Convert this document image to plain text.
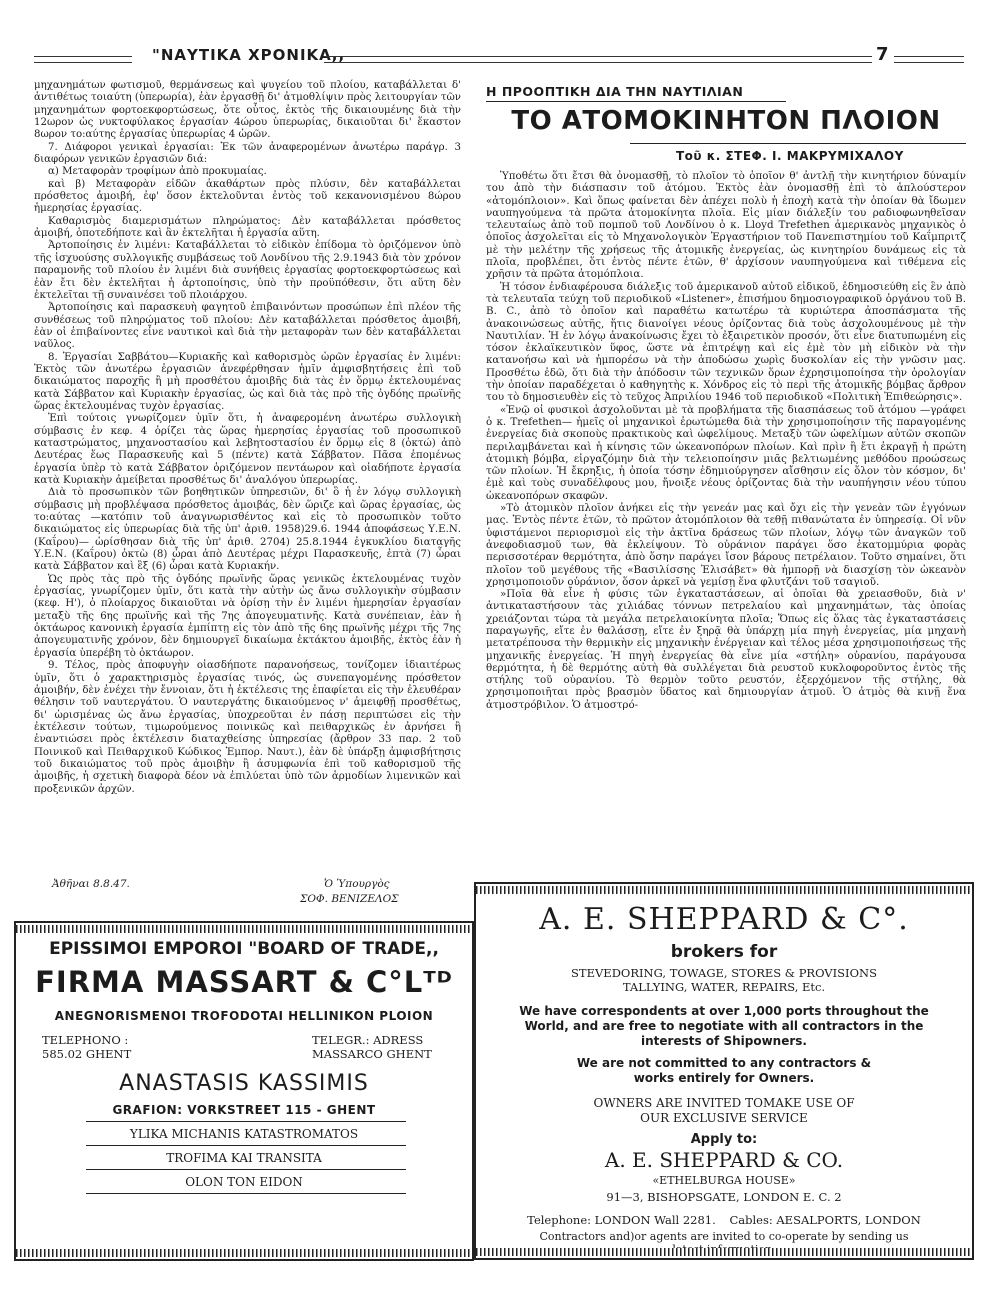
"ΝΑΥΤΙΚΑ ΧΡΟΝΙΚΑ,,	7

μηχανημάτων φωτισμοῦ, θερμάνσεως καὶ ψυγείου τοῦ πλοίου, καταβάλλεται δ' ἀντιθέτως τοιαύτη (ὑπερωρία), ἐὰν ἐργασθῇ δι' ἀτμοθλίψιν πρὸς λειτουργίαν τῶν μηχανημάτων φορτοεκφορτώσεως, ὅτε οὗτος, ἐκτὸς τῆς δικαιουμένης διὰ τὴν 12ωρον ὡς νυκτοφύλακος ἐργασίαν 4ώρου ὑπερωρίας, δικαιοῦται δι' ἕκαστον 8ωρον το:αύτης ἐργασίας ὑπερωρίας 4 ὡρῶν.

7. Διάφοροι γενικαὶ ἐργασίαι: Ἐκ τῶν ἀναφερομένων ἀνωτέρω παράγρ. 3 διαφόρων γενικῶν ἐργασιῶν διά:

α) Μεταφορὰν τροφίμων ἀπὸ προκυμαίας.

καὶ β) Μεταφορὰν εἰδῶν ἀκαθάρτων πρὸς πλύσιν, δὲν καταβάλλεται πρόσθετος ἀμοιβή, ἐφ' ὅσον ἐκτελοῦνται ἐντὸς τοῦ κεκανονισμένου 8ώρου ἡμερησίας ἐργασίας.

Καθαρισμὸς διαμερισμάτων πληρώματος: Δὲν καταβάλλεται πρόσθετος ἀμοιβή, ὁποτεδήποτε καὶ ἂν ἐκτελῆται ἡ ἐργασία αὕτη.

Ἀρτοποίησις ἐν λιμένι: Καταβάλλεται τὸ εἰδικὸν ἐπίδομα τὸ ὁριζόμενον ὑπὸ τῆς ἰσχυούσης συλλογικῆς συμβάσεως τοῦ Λονδίνου τῆς 2.9.1943 διὰ τὸν χρόνον παραμονῆς τοῦ πλοίου ἐν λιμένι διὰ συνήθεις ἐργασίας φορτοεκφορτώσεως καὶ ἐὰν ἔτι δὲν ἐκτελῆται ἡ ἀρτοποίησις, ὑπὸ τὴν προϋπόθεσιν, ὅτι αὕτη δὲν ἐκτελεῖται τῇ συναινέσει τοῦ πλοιάρχου.

Ἀρτοποίησις καὶ παρασκευὴ φαγητοῦ ἐπιβαινόντων προσώπων ἐπὶ πλέον τῆς συνθέσεως τοῦ πληρώματος τοῦ πλοίου: Δὲν καταβάλλεται πρόσθετος ἀμοιβή, ἐὰν οἱ ἐπιβαίνοντες εἶνε ναυτικοὶ καὶ διὰ τὴν μεταφορὰν των δὲν καταβάλλεται ναῦλος.

8. Ἐργασίαι Σαββάτου—Κυριακῆς καὶ καθορισμὸς ὡρῶν ἐργασίας ἐν λιμένι: Ἐκτὸς τῶν ἀνωτέρω ἐργασιῶν ἀνεφέρθησαν ἡμῖν ἀμφισβητήσεις ἐπὶ τοῦ δικαιώματος παροχῆς ἢ μὴ προσθέτου ἀμοιβῆς διὰ τὰς ἐν ὅρμῳ ἐκτελουμένας κατὰ Σάββατον καὶ Κυριακὴν ἐργασίας, ὡς καὶ διὰ τὰς πρὸ τῆς ὀγδόης πρωϊνῆς ὥρας ἐκτελουμένας τυχὸν ἐργασίας.

Ἐπὶ τούτοις γνωρίζομεν ὑμῖν ὅτι, ἡ ἀναφερομένη ἀνωτέρω συλλογικὴ σύμβασις ἐν κεφ. 4 ὁρίζει τὰς ὥρας ἡμερησίας ἐργασίας τοῦ προσωπικοῦ καταστρώματος, μηχανοστασίου καὶ λεβητοστασίου ἐν ὅρμῳ εἰς 8 (ὀκτώ) ἀπὸ Δευτέρας ἕως Παρασκευῆς καὶ 5 (πέντε) κατὰ Σάββατον. Πᾶσα ἑπομένως ἐργασία ὑπὲρ τὸ κατὰ Σάββατον ὁριζόμενον πεντάωρον καὶ οἱαδήποτε ἐργασία κατὰ Κυριακὴν ἀμείβεται προσθέτως δι' ἀναλόγου ὑπερωρίας.

Διὰ τὸ προσωπικὸν τῶν βοηθητικῶν ὑπηρεσιῶν, δι' ὃ ἡ ἐν λόγῳ συλλογικὴ σύμβασις μὴ προβλέψασα πρόσθετος ἀμοιβάς, δὲν ὥριζε καὶ ὥρας ἐργασίας, ὡς το:αύτας —κατόπιν τοῦ ἀναγνωρισθέντος καὶ εἰς τὸ προσωπικὸν τοῦτο δικαιώματος εἰς ὑπερωρίας διὰ τῆς ὑπ' ἀριθ. 1958)29.6. 1944 ἀποφάσεως Υ.Ε.Ν. (Καΐρου)— ὡρίσθησαν διὰ τῆς ὑπ' ἀριθ. 2704) 25.8.1944 ἐγκυκλίου διαταγῆς Υ.Ε.Ν. (Καΐρου) ὀκτὼ (8) ὧραι ἀπὸ Δευτέρας μέχρι Παρασκευῆς, ἑπτὰ (7) ὧραι κατὰ Σάββατον καὶ ἓξ (6) ὧραι κατὰ Κυριακήν.

Ὡς πρὸς τὰς πρὸ τῆς ὀγδόης πρωϊνῆς ὥρας γενικῶς ἐκτελουμένας τυχὸν ἐργασίας, γνωρίζομεν ὑμῖν, ὅτι κατὰ τὴν αὐτὴν ὡς ἄνω συλλογικὴν σύμβασιν (κεφ. Η'), ὁ πλοίαρχος δικαιοῦται νὰ ὁρίσῃ τὴν ἐν λιμένι ἡμερησίαν ἐργασίαν μεταξὺ τῆς 6ης πρωϊνῆς καὶ τῆς 7ης ἀπογευματινῆς. Κατὰ συνέπειαν, ἐὰν ἡ ὀκτάωρος κανονικὴ ἐργασία ἐμπίπτῃ εἰς τὸν ἀπὸ τῆς 6ης πρωϊνῆς μέχρι τῆς 7ης ἀπογευματινῆς χρόνον, δὲν δημιουργεῖ δικαίωμα ἐκτάκτου ἀμοιβῆς, ἐκτὸς ἐὰν ἡ ἐργασία ὑπερέβη τὸ ὀκτάωρον.

9. Τέλος, πρὸς ἀποφυγὴν οἱασδήποτε παρανοήσεως, τονίζομεν ἰδιαιτέρως ὑμῖν, ὅτι ὁ χαρακτηρισμὸς ἐργασίας τινός, ὡς συνεπαγομένης πρόσθετον ἀμοιβήν, δὲν ἐνέχει τὴν ἔννοιαν, ὅτι ἡ ἐκτέλεσις της ἐπαφίεται εἰς τὴν ἐλευθέραν θέλησιν τοῦ ναυτεργάτου. Ὁ ναυτεργάτης δικαιούμενος ν' ἀμειφθῇ προσθέτως, δι' ὡρισμένας ὡς ἄνω ἐργασίας, ὑποχρεοῦται ἐν πάσῃ περιπτώσει εἰς τὴν ἐκτέλεσιν τούτων, τιμωρούμενος ποινικῶς καὶ πειθαρχικῶς ἐν ἀρνήσει ἢ ἐναντιώσει πρὸς ἐκτέλεσιν διαταχθείσης ὑπηρεσίας (ἄρθρον 33 παρ. 2 τοῦ Ποινικοῦ καὶ Πειθαρχικοῦ Κώδικος Ἐμπορ. Ναυτ.), ἐὰν δὲ ὑπάρξῃ ἀμφισβήτησις τοῦ δικαιώματος τοῦ πρὸς ἀμοιβὴν ἢ ἀσυμφωνία ἐπὶ τοῦ καθορισμοῦ τῆς ἀμοιβῆς, ἡ σχετικὴ διαφορὰ δέον νὰ ἐπιλύεται ὑπὸ τῶν ἁρμοδίων λιμενικῶν καὶ προξενικῶν ἀρχῶν.

Ἀθῆναι 8.8.47.	Ὁ Ὑπουργὸς
ΣΟΦ. ΒΕΝΙΖΕΛΟΣ
Η ΠΡΟΟΠΤΙΚΗ ΔΙΑ ΤΗΝ ΝΑΥΤΙΛΙΑΝ
ΤΟ ΑΤΟΜΟΚΙΝΗΤΟΝ ΠΛΟΙΟΝ
Τοῦ κ. ΣΤΕΦ. Ι. ΜΑΚΡΥΜΙΧΑΛΟΥ

Ὑποθέτω ὅτι ἔτσι θὰ ὀνομασθῇ, τὸ πλοῖον τὸ ὁποῖον θ' ἀντλῇ τὴν κινητήριον δύναμίν του ἀπὸ τὴν διάσπασιν τοῦ ἀτόμου. Ἐκτὸς ἐὰν ὀνομασθῇ ἐπὶ τὸ ἁπλούστερον «ἀτομόπλοιον». Καὶ ὅπως φαίνεται δὲν ἀπέχει πολὺ ἡ ἐποχὴ κατὰ τὴν ὁποίαν θὰ ἴδωμεν ναυπηγούμενα τὰ πρῶτα ἀτομοκίνητα πλοῖα. Εἰς μίαν διάλεξίν του ραδιοφωνηθεῖσαν τελευταίως ἀπὸ τοῦ πομποῦ τοῦ Λονδίνου ὁ κ. Lloyd Trefethen ἀμερικανὸς μηχανικὸς ὁ ὁποῖος ἀσχολεῖται εἰς τὸ Μηχανολογικὸν Ἐργαστήριον τοῦ Πανεπιστημίου τοῦ Καΐμπριτζ μὲ τὴν μελέτην τῆς χρήσεως τῆς ἀτομικῆς ἐνεργείας, ὡς κινητηρίου δυνάμεως εἰς τὰ πλοῖα, προβλέπει, ὅτι ἐντὸς πέντε ἐτῶν, θ' ἀρχίσουν ναυπηγούμενα καὶ τιθέμενα εἰς χρῆσιν τὰ πρῶτα ἀτομόπλοια.

Ἡ τόσον ἐνδιαφέρουσα διάλεξις τοῦ ἀμερικανοῦ αὐτοῦ εἰδικοῦ, ἐδημοσιεύθη εἰς ἓν ἀπὸ τὰ τελευταῖα τεύχη τοῦ περιοδικοῦ «Listener», ἐπισήμου δημοσιογραφικοῦ ὀργάνου τοῦ B. B. C., ἀπὸ τὸ ὁποῖον καὶ παραθέτω κατωτέρω τὰ κυριώτερα ἀποσπάσματα τῆς ἀνακοινώσεως αὐτῆς, ἥτις διανοίγει νέους ὁρίζοντας διὰ τοὺς ἀσχολουμένους μὲ τὴν Ναυτιλίαν. Ἡ ἐν λόγῳ ἀνακοίνωσις ἔχει τὸ ἐξαιρετικὸν προσόν, ὅτι εἶνε διατυπωμένη εἰς τόσον ἐκλαϊκευτικὸν ὕφος, ὥστε νὰ ἐπιτρέψῃ καὶ εἰς ἐμὲ τὸν μὴ εἰδικὸν νὰ τὴν κατανοήσω καὶ νὰ ἠμπορέσω νὰ τὴν ἀποδώσω χωρὶς δυσκολίαν εἰς τὴν γνῶσιν μας. Προσθέτω ἐδῶ, ὅτι διὰ τὴν ἀπόδοσιν τῶν τεχνικῶν ὅρων ἐχρησιμοποίησα τὴν ὁρολογίαν τὴν ὁποίαν παραδέχεται ὁ καθηγητὴς κ. Χόνδρος εἰς τὸ περὶ τῆς ἀτομικῆς βόμβας ἄρθρον του τὸ δημοσιευθὲν εἰς τὸ τεῦχος Ἀπριλίου 1946 τοῦ περιοδικοῦ «Πολιτικὴ Ἐπιθεώρησις».

«Ἐνῷ οἱ φυσικοὶ ἀσχολοῦνται μὲ τὰ προβλήματα τῆς διασπάσεως τοῦ ἀτόμου —γράφει ὁ κ. Trefethen— ἡμεῖς οἱ μηχανικοὶ ἐρωτώμεθα διὰ τὴν χρησιμοποίησιν τῆς παραγομένης ἐνεργείας διὰ σκοποὺς πρακτικοὺς καὶ ὠφελίμους. Μεταξὺ τῶν ὠφελίμων αὐτῶν σκοπῶν περιλαμβάνεται καὶ ἡ κίνησις τῶν ὠκεανοπόρων πλοίων. Καὶ πρὶν ἢ ἔτι ἐκραγῇ ἡ πρώτη ἀτομικὴ βόμβα, εἰργαζόμην διὰ τὴν τελειοποίησιν μιᾶς βελτιωμένης μεθόδου προώσεως τῶν πλοίων. Ἡ ἔκρηξις, ἡ ὁποία τόσην ἐδημιούργησεν αἴσθησιν εἰς ὅλον τὸν κόσμον, δι' ἐμὲ καὶ τοὺς συναδέλφους μου, ἤνοιξε νέους ὁρίζοντας διὰ τὴν ναυπήγησιν νέου τύπου ὠκεανοπόρων σκαφῶν.

»Τὸ ἀτομικὸν πλοῖον ἀνήκει εἰς τὴν γενεάν μας καὶ ὄχι εἰς τὴν γενεὰν τῶν ἐγγόνων μας. Ἐντὸς πέντε ἐτῶν, τὸ πρῶτον ἀτομόπλοιον θὰ τεθῇ πιθανώτατα ἐν ὑπηρεσίᾳ. Οἱ νῦν ὑφιστάμενοι περιορισμοὶ εἰς τὴν ἀκτῖνα δράσεως τῶν πλοίων, λόγῳ τῶν ἀναγκῶν τοῦ ἀνεφοδιασμοῦ των, θὰ ἐκλείψουν. Τὸ οὐράνιον παράγει ὅσο ἑκατομμύρια φορὰς περισσοτέραν θερμότητα, ἀπὸ ὅσην παράγει ἴσον βάρους πετρέλαιον. Τοῦτο σημαίνει, ὅτι πλοῖον τοῦ μεγέθους τῆς «Βασιλίσσης Ἐλισάβετ» θὰ ἠμπορῇ νὰ διασχίσῃ τὸν ὠκεανὸν χρησιμοποιοῦν οὐράνιον, ὅσον ἀρκεῖ νὰ γεμίσῃ ἕνα φλυτζάνι τοῦ τσαγιοῦ.

»Ποῖα θὰ εἶνε ἡ φύσις τῶν ἐγκαταστάσεων, αἱ ὁποῖαι θὰ χρειασθοῦν, διὰ ν' ἀντικαταστήσουν τὰς χιλιάδας τόννων πετρελαίου καὶ μηχανημάτων, τὰς ὁποίας χρειάζονται τώρα τὰ μεγάλα πετρελαιοκίνητα πλοῖα; Ὅπως εἰς ὅλας τὰς ἐγκαταστάσεις παραγωγῆς, εἴτε ἐν θαλάσσῃ, εἴτε ἐν ξηρᾷ θὰ ὑπάρχῃ μία πηγὴ ἐνεργείας, μία μηχανὴ μετατρέπουσα τὴν θερμικὴν εἰς μηχανικὴν ἐνέργειαν καὶ τέλος μέσα χρησιμοποιήσεως τῆς μηχανικῆς ἐνεργείας. Ἡ πηγὴ ἐνεργείας θὰ εἶνε μία «στήλη» οὐρανίου, παράγουσα θερμότητα, ἡ δὲ θερμότης αὐτὴ θὰ συλλέγεται διὰ ρευστοῦ κυκλοφοροῦντος ἐντὸς τῆς στήλης τοῦ οὐρανίου. Τὸ θερμὸν τοῦτο ρευστόν, ἐξερχόμενον τῆς στήλης, θὰ χρησιμοποιῆται πρὸς βρασμὸν ὕδατος καὶ δημιουργίαν ἀτμοῦ. Ὁ ἀτμὸς θὰ κινῇ ἕνα ἀτμοστρόβιλον. Ὁ ἀτμοστρό-

EPISSIMOI EMPOROI "BOARD OF TRADE,,
FIRMA MASSART & C°Lᵀᴰ
ANEGNORISMENOI TROFODOTAI HELLINIKON PLOION
TELEPHONO :
585.02 GHENT
TELEGR.: ADRESS
MASSARCO GHENT
ANASTASIS KASSIMIS
GRAFION: VORKSTREET 115 - GHENT
YLIKA MICHANIS KATASTROMATOS
TROFIMA KAI TRANSITA
OLON TON EIDON
A. E. SHEPPARD & C°.
brokers for
STEVEDORING, TOWAGE, STORES & PROVISIONS
TALLYING, WATER, REPAIRS, Etc.
We have correspondents at over 1,000 ports throughout the World, and are free to negotiate with all contractors in the interests of Shipowners.
We are not committed to any contractors & works entirely for Owners.
OWNERS ARE INVITED TOMAKE USE OF OUR EXCLUSIVE SERVICE
Apply to:
A. E. SHEPPARD & CO.
«ETHELBURGA HOUSE»
91—3, BISHOPSGATE, LONDON E. C. 2
Telephone: LONDON Wall 2281. Cables: AESALPORTS, LONDON
Contractors and)or agents are invited to co-operate by sending us
